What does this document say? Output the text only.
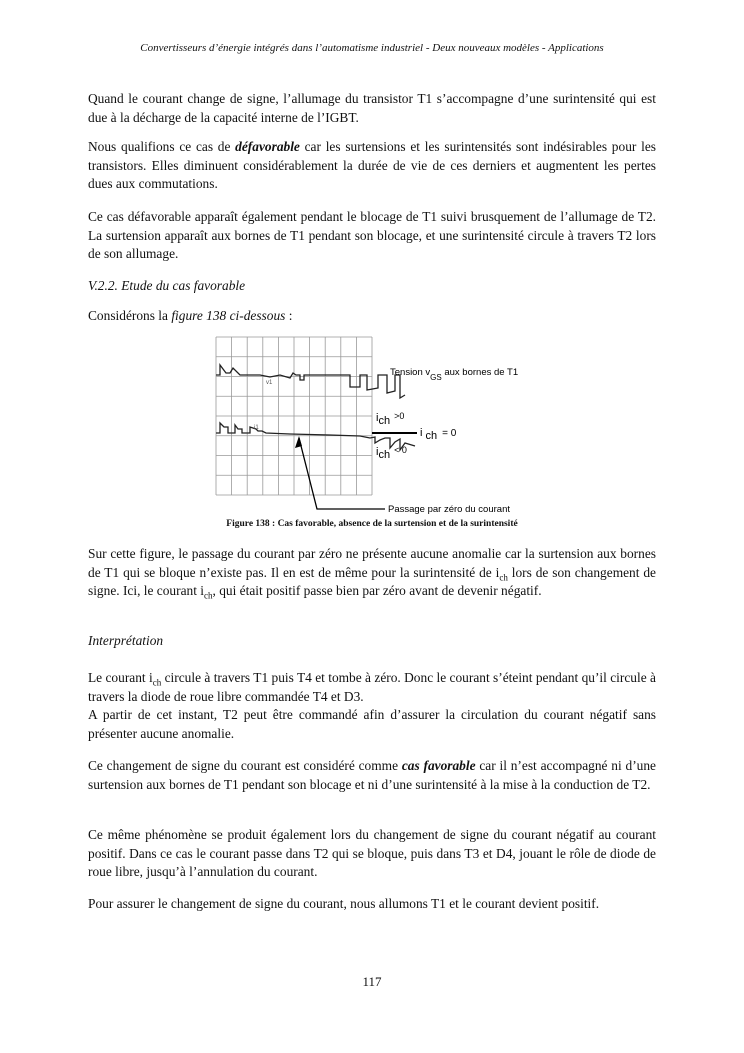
Convertisseurs d’énergie intégrés dans l’automatisme industriel - Deux nouveaux modèles - Applications

Quand le courant change de signe, l’allumage du transistor T1 s’accompagne d’une surintensité qui est due à la décharge de la capacité interne de l’IGBT.

Nous qualifions ce cas de défavorable car les surtensions et les surintensités sont indésirables pour les transistors. Elles diminuent considérablement la durée de vie de ces derniers et augmentent les pertes dues aux commutations.

Ce cas défavorable apparaît également pendant le blocage de T1 suivi brusquement de l’allumage de T2. La surtension apparaît aux bornes de T1 pendant son blocage, et une surintensité circule à travers T2 lors de son allumage.

V.2.2. Etude du cas favorable

Considérons la figure 138 ci-dessous :

v1
i1
Tension $v_{GS}$ aux bornes de T1
ich $^{>0}$
i ch = 0
ich $^{< 0}$
Passage par zéro du courant
Figure 138 : Cas favorable, absence de la surtension et de la surintensité

Sur cette figure, le passage du courant par zéro ne présente aucune anomalie car la surtension aux bornes de T1 qui se bloque n’existe pas. Il en est de même pour la surintensité de $i_{ch}$ lors de son changement de signe. Ici, le courant $i_{ch}$, qui était positif passe bien par zéro avant de devenir négatif.

Interprétation

Le courant $i_{ch}$ circule à travers T1 puis T4 et tombe à zéro. Donc le courant s’éteint pendant qu’il circule à travers la diode de roue libre commandée T4 et D3.
A partir de cet instant, T2 peut être commandé afin d’assurer la circulation du courant négatif sans présenter aucune anomalie.

Ce changement de signe du courant est considéré comme cas favorable car il n’est accompagné ni d’une surtension aux bornes de T1 pendant son blocage et ni d’une surintensité à la mise à la conduction de T2.

Ce même phénomène se produit également lors du changement de signe du courant négatif au courant positif. Dans ce cas le courant passe dans T2 qui se bloque, puis dans T3 et D4, jouant le rôle de diode de roue libre, jusqu’à l’annulation du courant.

Pour assurer le changement de signe du courant, nous allumons T1 et le courant devient positif.

117
